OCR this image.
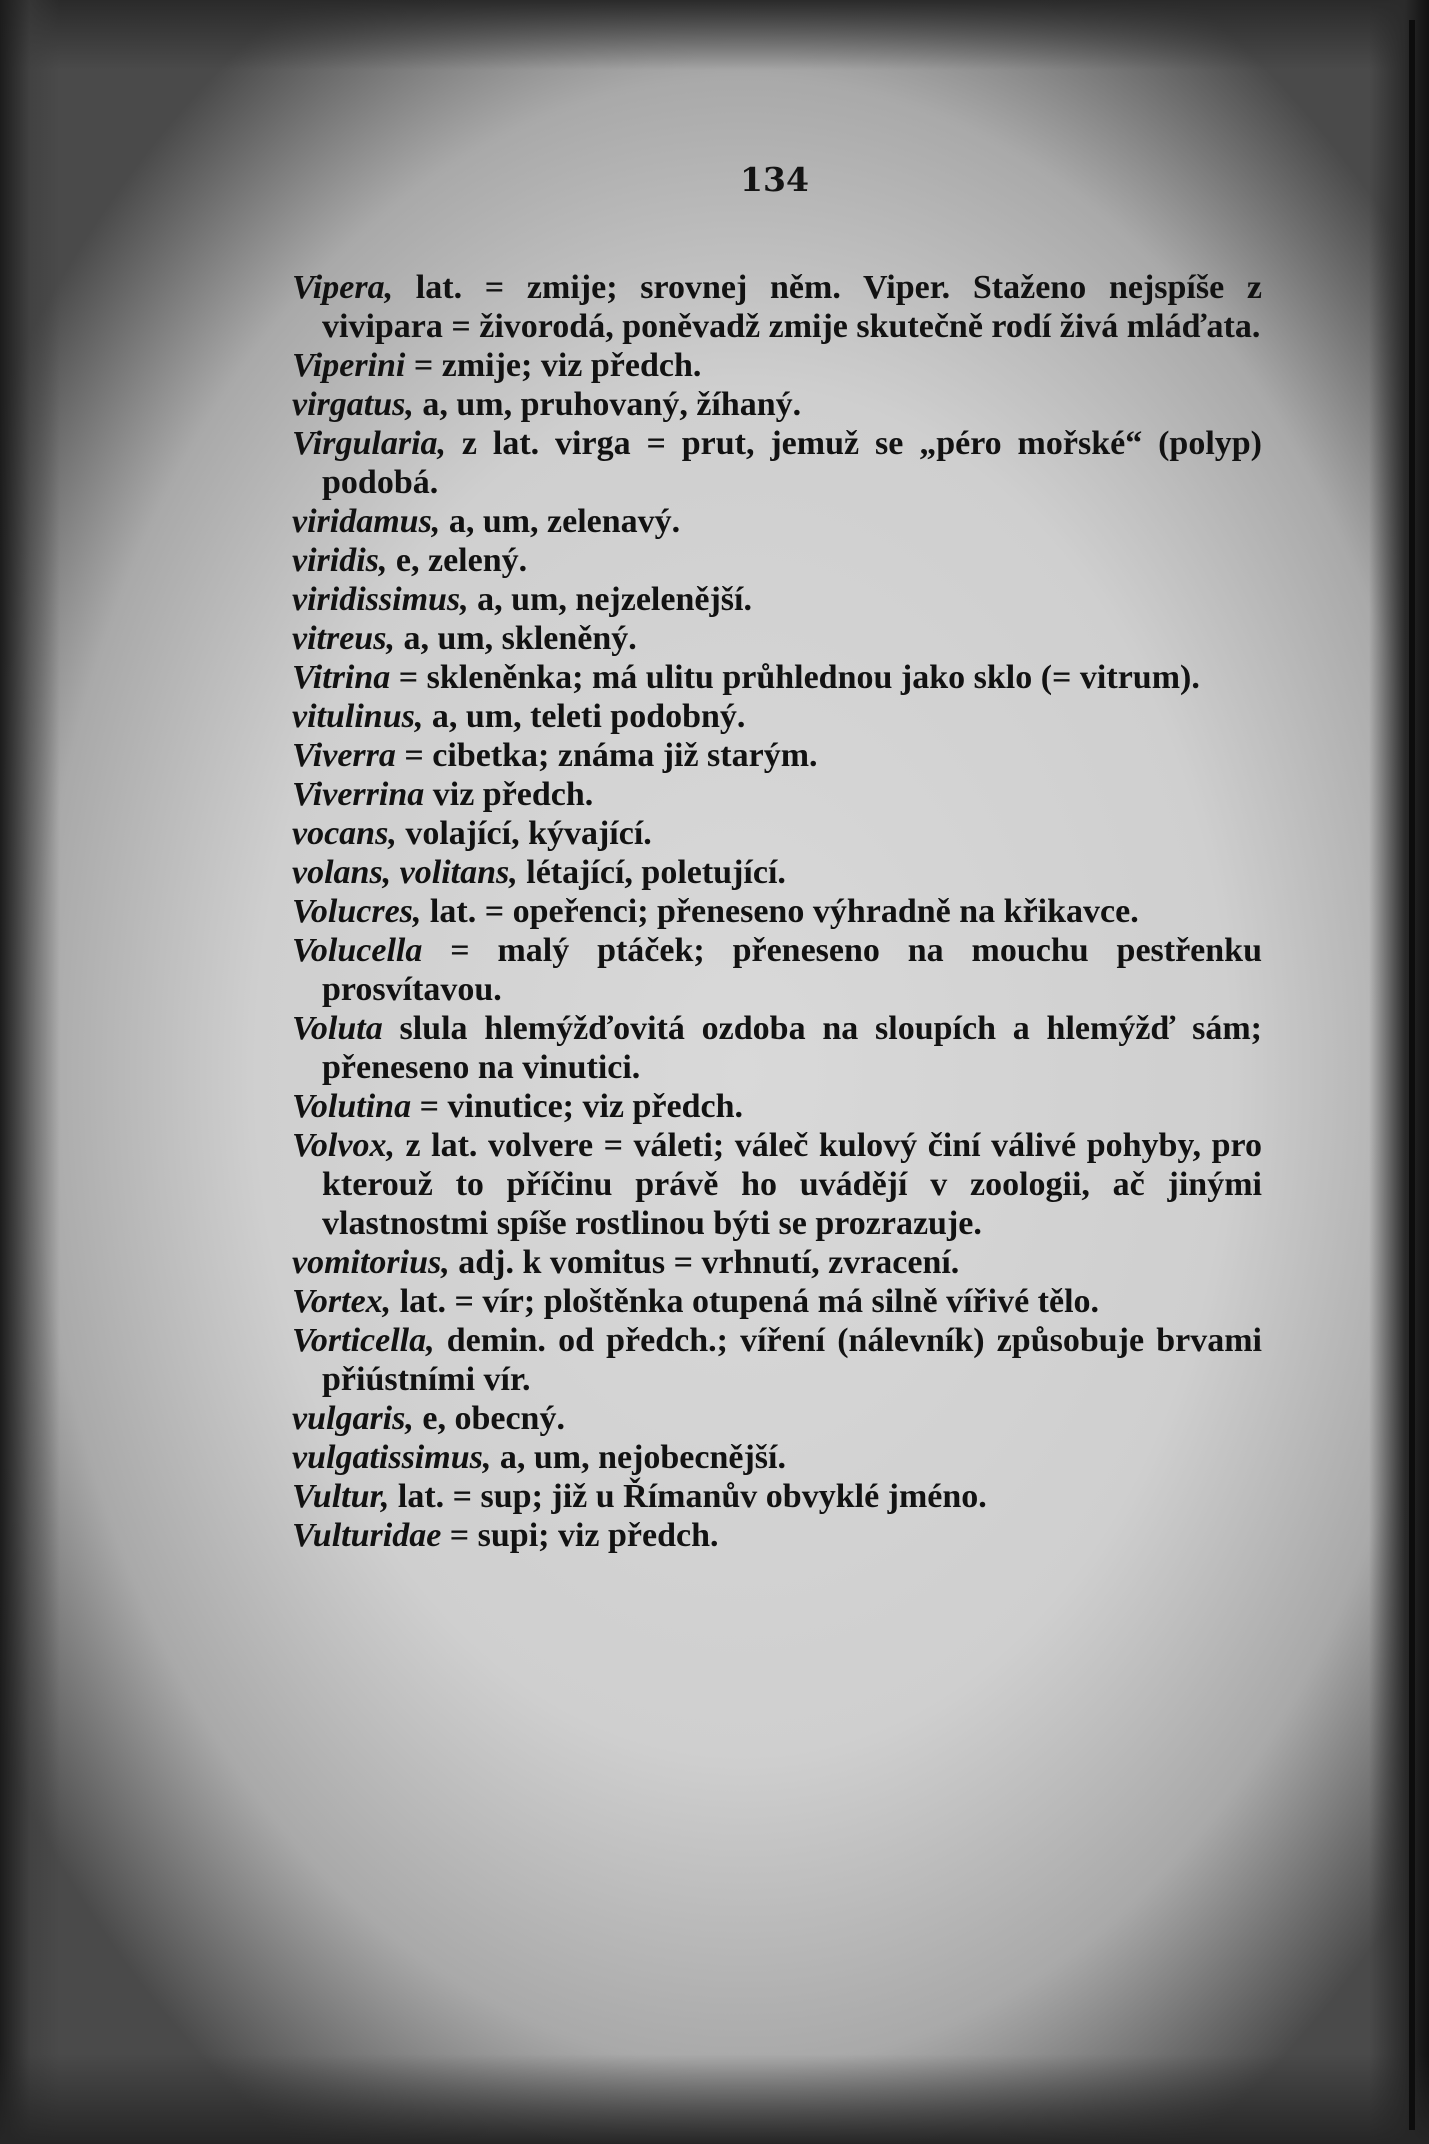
134

Vipera, lat. = zmije; srovnej něm. Viper. Staženo nejspíše z vivipara = živorodá, poněvadž zmije skutečně rodí živá mláďata.

Viperini = zmije; viz předch.

virgatus, a, um, pruhovaný, žíhaný.

Virgularia, z lat. virga = prut, jemuž se „péro mořské“ (polyp) podobá.

viridamus, a, um, zelenavý.

viridis, e, zelený.

viridissimus, a, um, nejzelenější.

vitreus, a, um, skleněný.

Vitrina = skleněnka; má ulitu průhlednou jako sklo (= vitrum).

vitulinus, a, um, teleti podobný.

Viverra = cibetka; známa již starým.

Viverrina viz předch.

vocans, volající, kývající.

volans, volitans, létající, poletující.

Volucres, lat. = opeřenci; přeneseno výhradně na křikavce.

Volucella = malý ptáček; přeneseno na mouchu pestřenku prosvítavou.

Voluta slula hlemýžďovitá ozdoba na sloupích a hlemýžď sám; přeneseno na vinutici.

Volutina = vinutice; viz předch.

Volvox, z lat. volvere = váleti; váleč kulový činí válivé pohyby, pro kterouž to příčinu právě ho uvádějí v zoologii, ač jinými vlastnostmi spíše rostlinou býti se prozrazuje.

vomitorius, adj. k vomitus = vrhnutí, zvracení.

Vortex, lat. = vír; ploštěnka otupená má silně vířivé tělo.

Vorticella, demin. od předch.; víření (nálevník) způsobuje brvami přiústními vír.

vulgaris, e, obecný.

vulgatissimus, a, um, nejobecnější.

Vultur, lat. = sup; již u Římanův obvyklé jméno.

Vulturidae = supi; viz předch.
